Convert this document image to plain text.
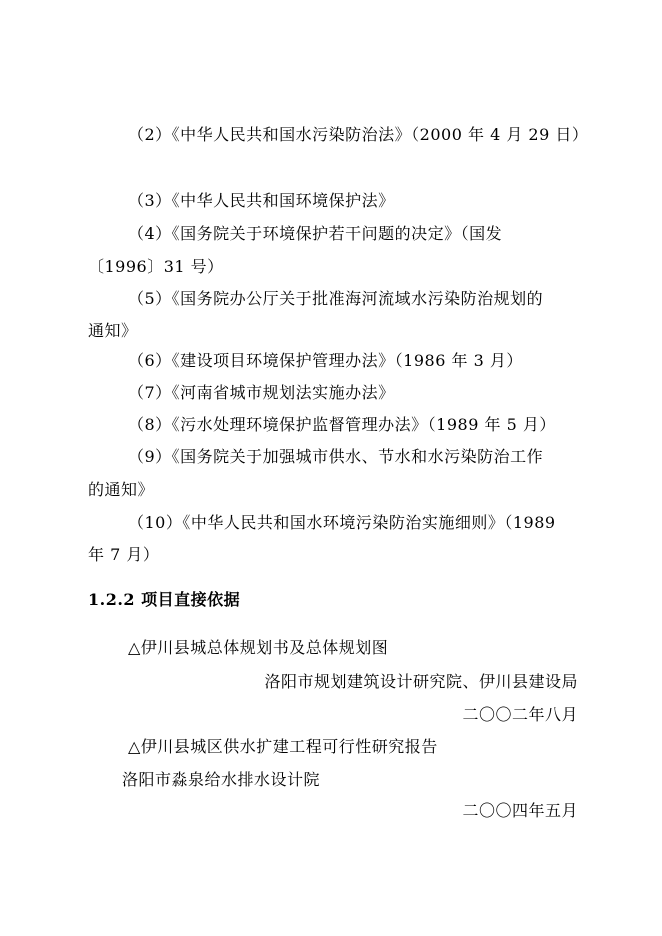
（2）《中华人民共和国水污染防治法》（2000 年 4 月 29 日）
（3）《中华人民共和国环境保护法》
（4）《国务院关于环境保护若干问题的决定》（国发
〔1996〕31 号）
（5）《国务院办公厅关于批准海河流域水污染防治规划的
通知》
（6）《建设项目环境保护管理办法》（1986 年 3 月）
（7）《河南省城市规划法实施办法》
（8）《污水处理环境保护监督管理办法》（1989 年 5 月）
（9）《国务院关于加强城市供水、节水和水污染防治工作
的通知》
（10）《中华人民共和国水环境污染防治实施细则》（1989
年 7 月）
1.2.2 项目直接依据
△伊川县城总体规划书及总体规划图
洛阳市规划建筑设计研究院、伊川县建设局
二〇〇二年八月
△伊川县城区供水扩建工程可行性研究报告
洛阳市淼泉给水排水设计院
二〇〇四年五月
